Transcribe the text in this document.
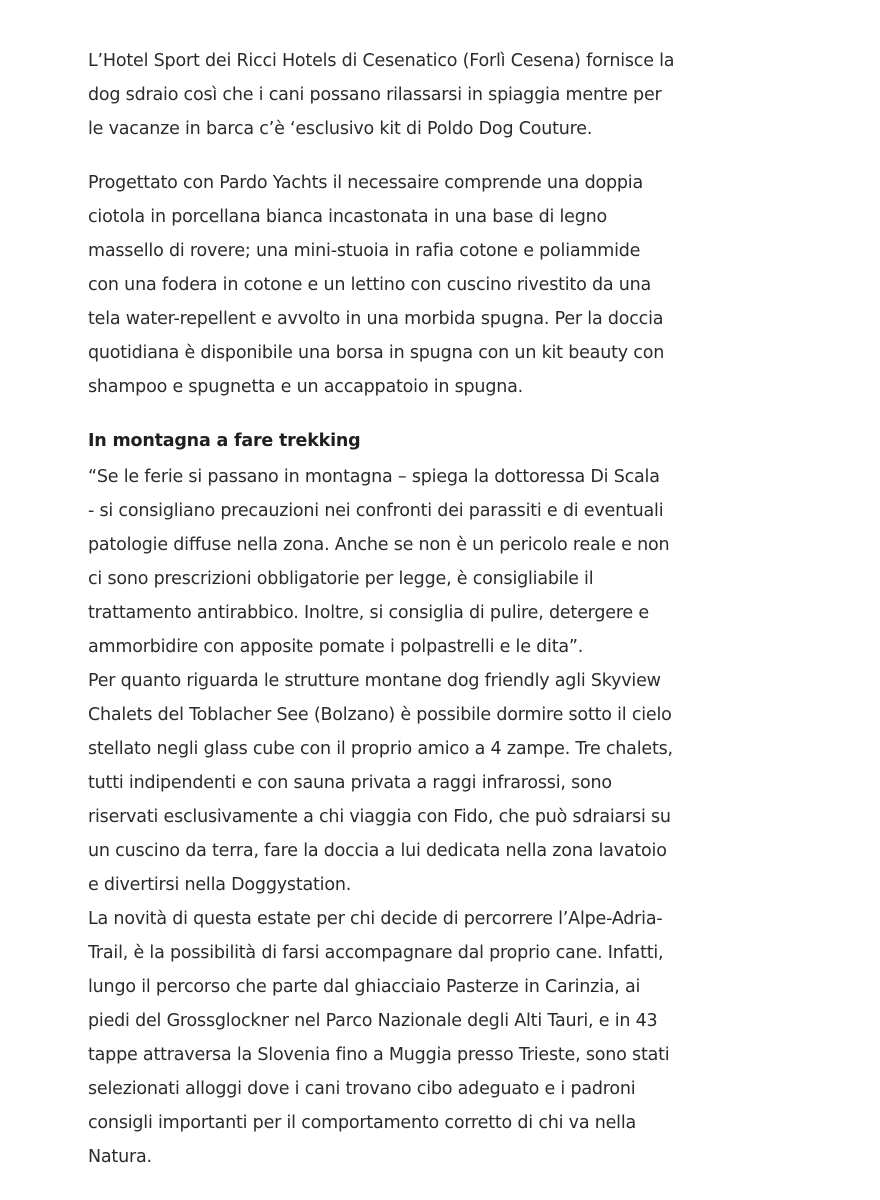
L’Hotel Sport dei Ricci Hotels di Cesenatico (Forlì Cesena) fornisce la
dog sdraio così che i cani possano rilassarsi in spiaggia mentre per
le vacanze in barca c’è ‘esclusivo kit di Poldo Dog Couture.

Progettato con Pardo Yachts il necessaire comprende una doppia
ciotola in porcellana bianca incastonata in una base di legno
massello di rovere; una mini-stuoia in rafia cotone e poliammide
con una fodera in cotone e un lettino con cuscino rivestito da una
tela water-repellent e avvolto in una morbida spugna. Per la doccia
quotidiana è disponibile una borsa in spugna con un kit beauty con
shampoo e spugnetta e un accappatoio in spugna.

In montagna a fare trekking

“Se le ferie si passano in montagna – spiega la dottoressa Di Scala
- si consigliano precauzioni nei confronti dei parassiti e di eventuali
patologie diffuse nella zona. Anche se non è un pericolo reale e non
ci sono prescrizioni obbligatorie per legge, è consigliabile il
trattamento antirabbico. Inoltre, si consiglia di pulire, detergere e
ammorbidire con apposite pomate i polpastrelli e le dita”.

Per quanto riguarda le strutture montane dog friendly agli Skyview
Chalets del Toblacher See (Bolzano) è possibile dormire sotto il cielo
stellato negli glass cube con il proprio amico a 4 zampe. Tre chalets,
tutti indipendenti e con sauna privata a raggi infrarossi, sono
riservati esclusivamente a chi viaggia con Fido, che può sdraiarsi su
un cuscino da terra, fare la doccia a lui dedicata nella zona lavatoio
e divertirsi nella Doggystation.

La novità di questa estate per chi decide di percorrere l’Alpe-Adria-
Trail, è la possibilità di farsi accompagnare dal proprio cane. Infatti,
lungo il percorso che parte dal ghiacciaio Pasterze in Carinzia, ai
piedi del Grossglockner nel Parco Nazionale degli Alti Tauri, e in 43
tappe attraversa la Slovenia fino a Muggia presso Trieste, sono stati
selezionati alloggi dove i cani trovano cibo adeguato e i padroni
consigli importanti per il comportamento corretto di chi va nella
Natura.
